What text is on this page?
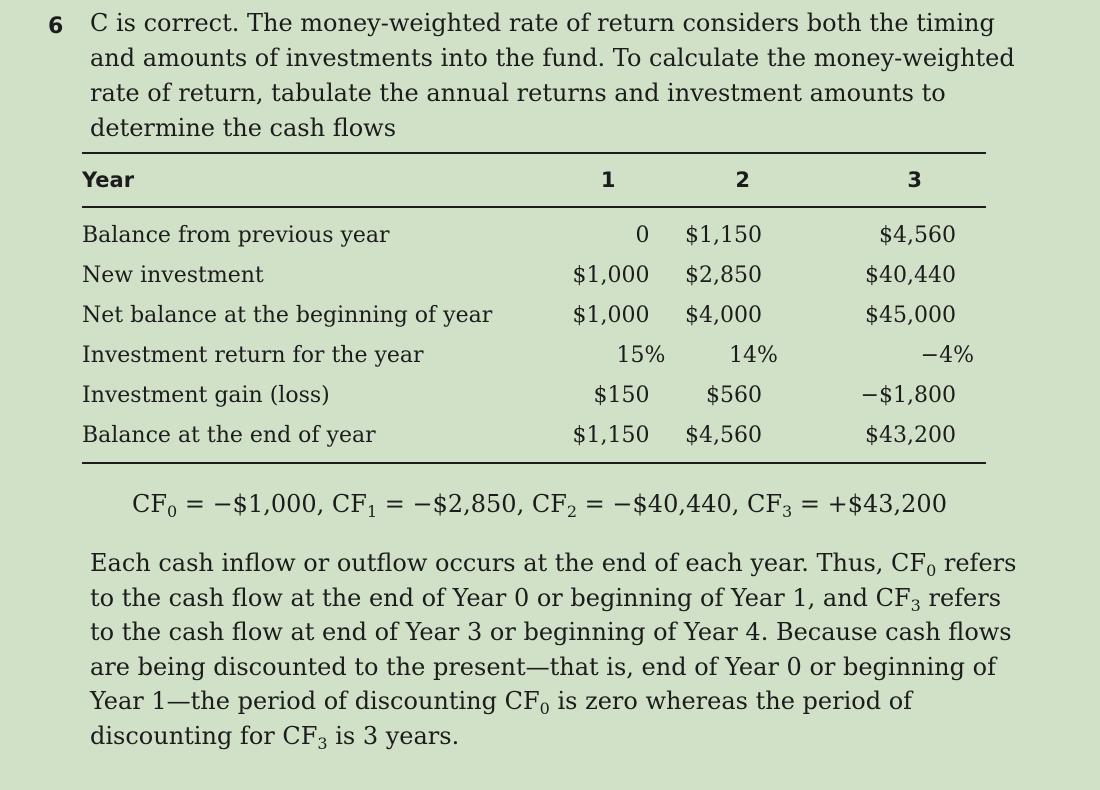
6 C is correct. The money-weighted rate of return considers both the timing and amounts of investments into the fund. To calculate the money-weighted rate of return, tabulate the annual returns and investment amounts to determine the cash flows

Year	1	2	3
Balance from previous year	0	$1,150	$4,560
New investment	$1,000	$2,850	$40,440
Net balance at the beginning of year	$1,000	$4,000	$45,000
Investment return for the year	15%	14%	−4%
Investment gain (loss)	$150	$560	−$1,800
Balance at the end of year	$1,150	$4,560	$43,200
$CF_0$ = −$1,000, $CF_1$ = −$2,850, $CF_2$ = −$40,440, $CF_3$ = +$43,200

Each cash inflow or outflow occurs at the end of each year. Thus, $CF_0$ refers to the cash flow at the end of Year 0 or beginning of Year 1, and $CF_3$ refers to the cash flow at end of Year 3 or beginning of Year 4. Because cash flows are being discounted to the present—that is, end of Year 0 or beginning of Year 1—the period of discounting $CF_0$ is zero whereas the period of discounting for $CF_3$ is 3 years.
